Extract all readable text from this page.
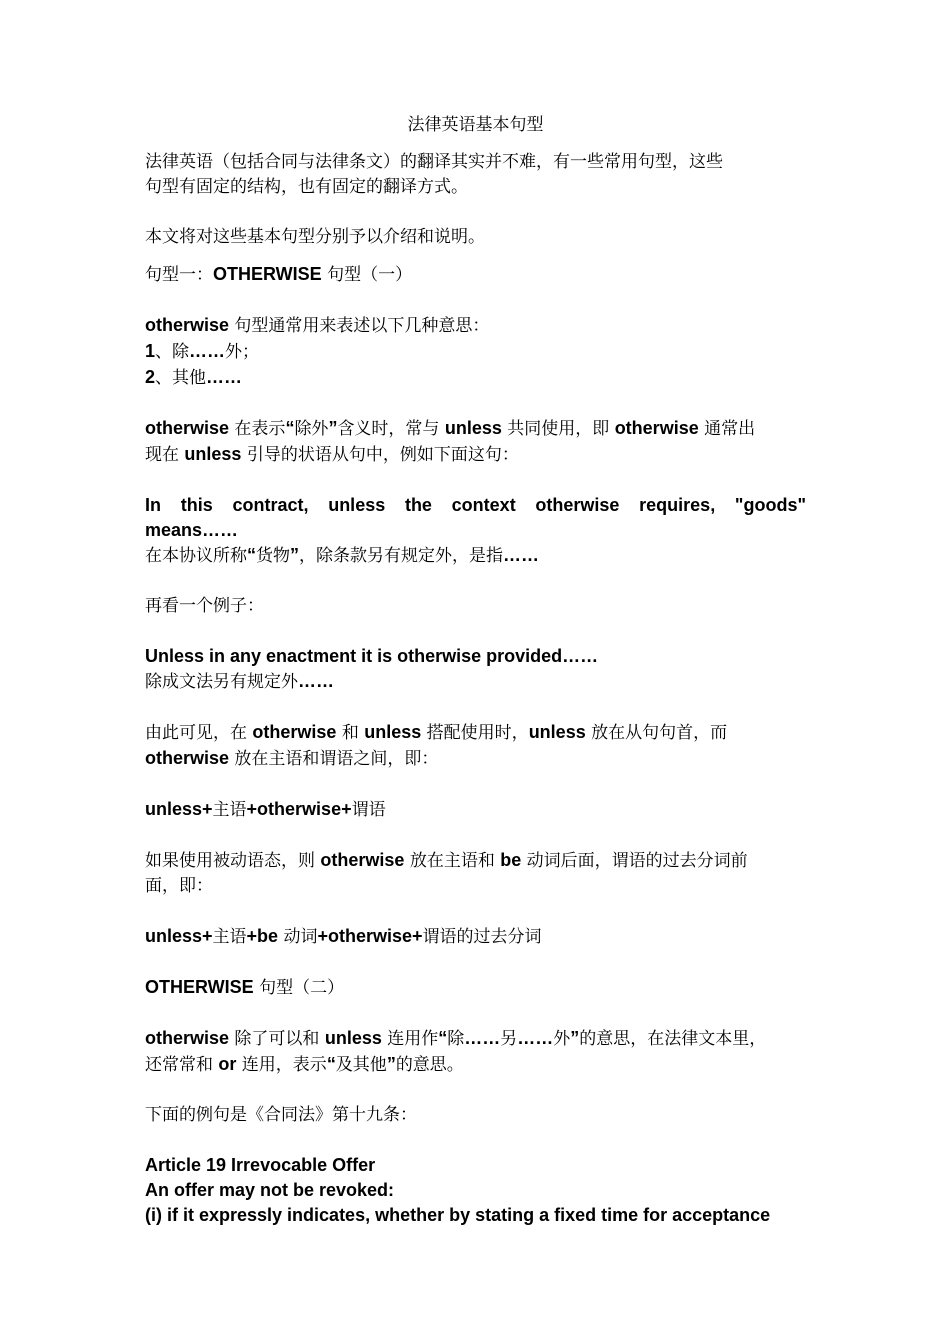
法律英语基本句型

法律英语（包括合同与法律条文）的翻译其实并不难，有一些常用句型，这些
句型有固定的结构，也有固定的翻译方式。

本文将对这些基本句型分别予以介绍和说明。

句型一：OTHERWISE 句型（一）

otherwise 句型通常用来表述以下几种意思：

1、除……外；

2、其他……

otherwise 在表示“除外”含义时，常与 unless 共同使用，即 otherwise 通常出
现在 unless 引导的状语从句中，例如下面这句：

In this contract, unless the context otherwise requires, "goods"

means……

在本协议所称“货物”，除条款另有规定外，是指……

再看一个例子：

Unless in any enactment it is otherwise provided……

除成文法另有规定外……

由此可见，在 otherwise 和 unless 搭配使用时，unless 放在从句句首，而
otherwise 放在主语和谓语之间，即：

unless+主语+otherwise+谓语

如果使用被动语态，则 otherwise 放在主语和 be 动词后面，谓语的过去分词前
面，即：

unless+主语+be 动词+otherwise+谓语的过去分词

OTHERWISE 句型（二）

otherwise 除了可以和 unless 连用作“除……另……外”的意思，在法律文本里，
还常常和 or 连用，表示“及其他”的意思。

下面的例句是《合同法》第十九条：

Article 19 Irrevocable Offer

An offer may not be revoked:

(i) if it expressly indicates, whether by stating a fixed time for acceptance
